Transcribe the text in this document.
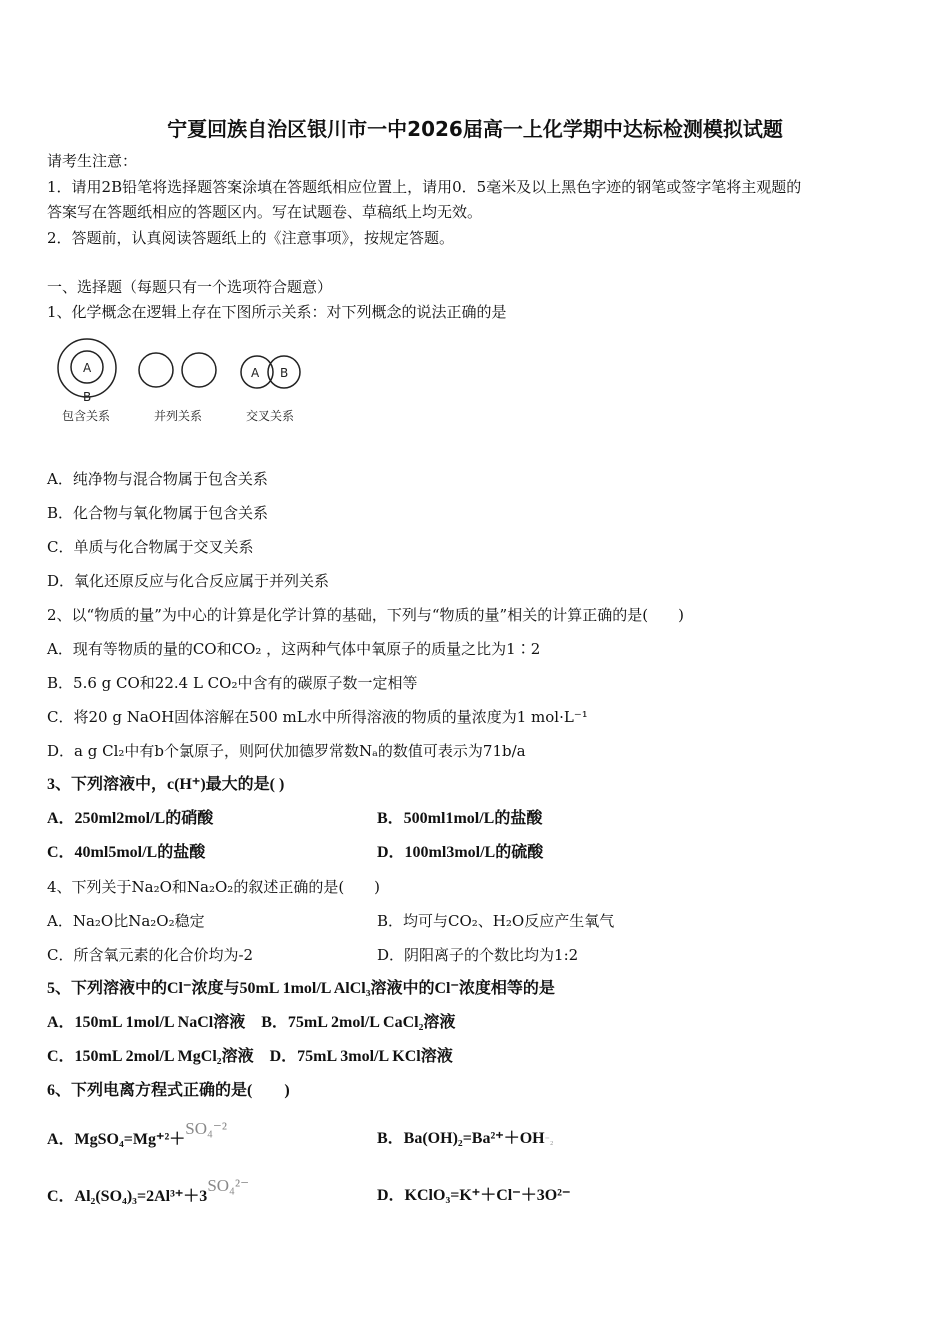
宁夏回族自治区银川市一中2026届高一上化学期中达标检测模拟试题
请考生注意：
1．请用2B铅笔将选择题答案涂填在答题纸相应位置上，请用0．5毫米及以上黑色字迹的钢笔或签字笔将主观题的
答案写在答题纸相应的答题区内。写在试题卷、草稿纸上均无效。
2．答题前，认真阅读答题纸上的《注意事项》，按规定答题。
一、选择题（每题只有一个选项符合题意）
1、化学概念在逻辑上存在下图所示关系：对下列概念的说法正确的是
A
B
A B
包含关系	并列关系	交叉关系
A．纯净物与混合物属于包含关系
B．化合物与氧化物属于包含关系
C．单质与化合物属于交叉关系
D．氧化还原反应与化合反应属于并列关系
2、以“物质的量”为中心的计算是化学计算的基础，下列与“物质的量”相关的计算正确的是(　　)
A．现有等物质的量的CO和CO₂ ，这两种气体中氧原子的质量之比为1∶2
B．5.6 g CO和22.4 L CO₂中含有的碳原子数一定相等
C．将20 g NaOH固体溶解在500 mL水中所得溶液的物质的量浓度为1 mol·L⁻¹
D．a g Cl₂中有b个氯原子，则阿伏加德罗常数Nₐ的数值可表示为71b/a
3、下列溶液中，c(H⁺)最大的是( )
A．250ml2mol/L的硝酸	B．500ml1mol/L的盐酸
C．40ml5mol/L的盐酸	D．100ml3mol/L的硫酸
4、下列关于Na₂O和Na₂O₂的叙述正确的是(　　)
A．Na₂O比Na₂O₂稳定	B．均可与CO₂、H₂O反应产生氧气
C．所含氧元素的化合价均为-2	D．阴阳离子的个数比均为1:2
5、下列溶液中的Cl⁻浓度与50mL 1mol/L AlCl₃溶液中的Cl⁻浓度相等的是
A．150mL 1mol/L NaCl溶液　B．75mL 2mol/L CaCl₂溶液
C．150mL 2mol/L MgCl₂溶液　D．75mL 3mol/L KCl溶液
6、下列电离方程式正确的是(　　)
A．MgSO₄=Mg⁺²＋SO₄⁻²
B．Ba(OH)₂=Ba²⁺＋OH⁻₂
C．Al₂(SO₄)₃=2Al³⁺＋3SO₄²⁻
D．KClO₃=K⁺＋Cl⁻＋3O²⁻
